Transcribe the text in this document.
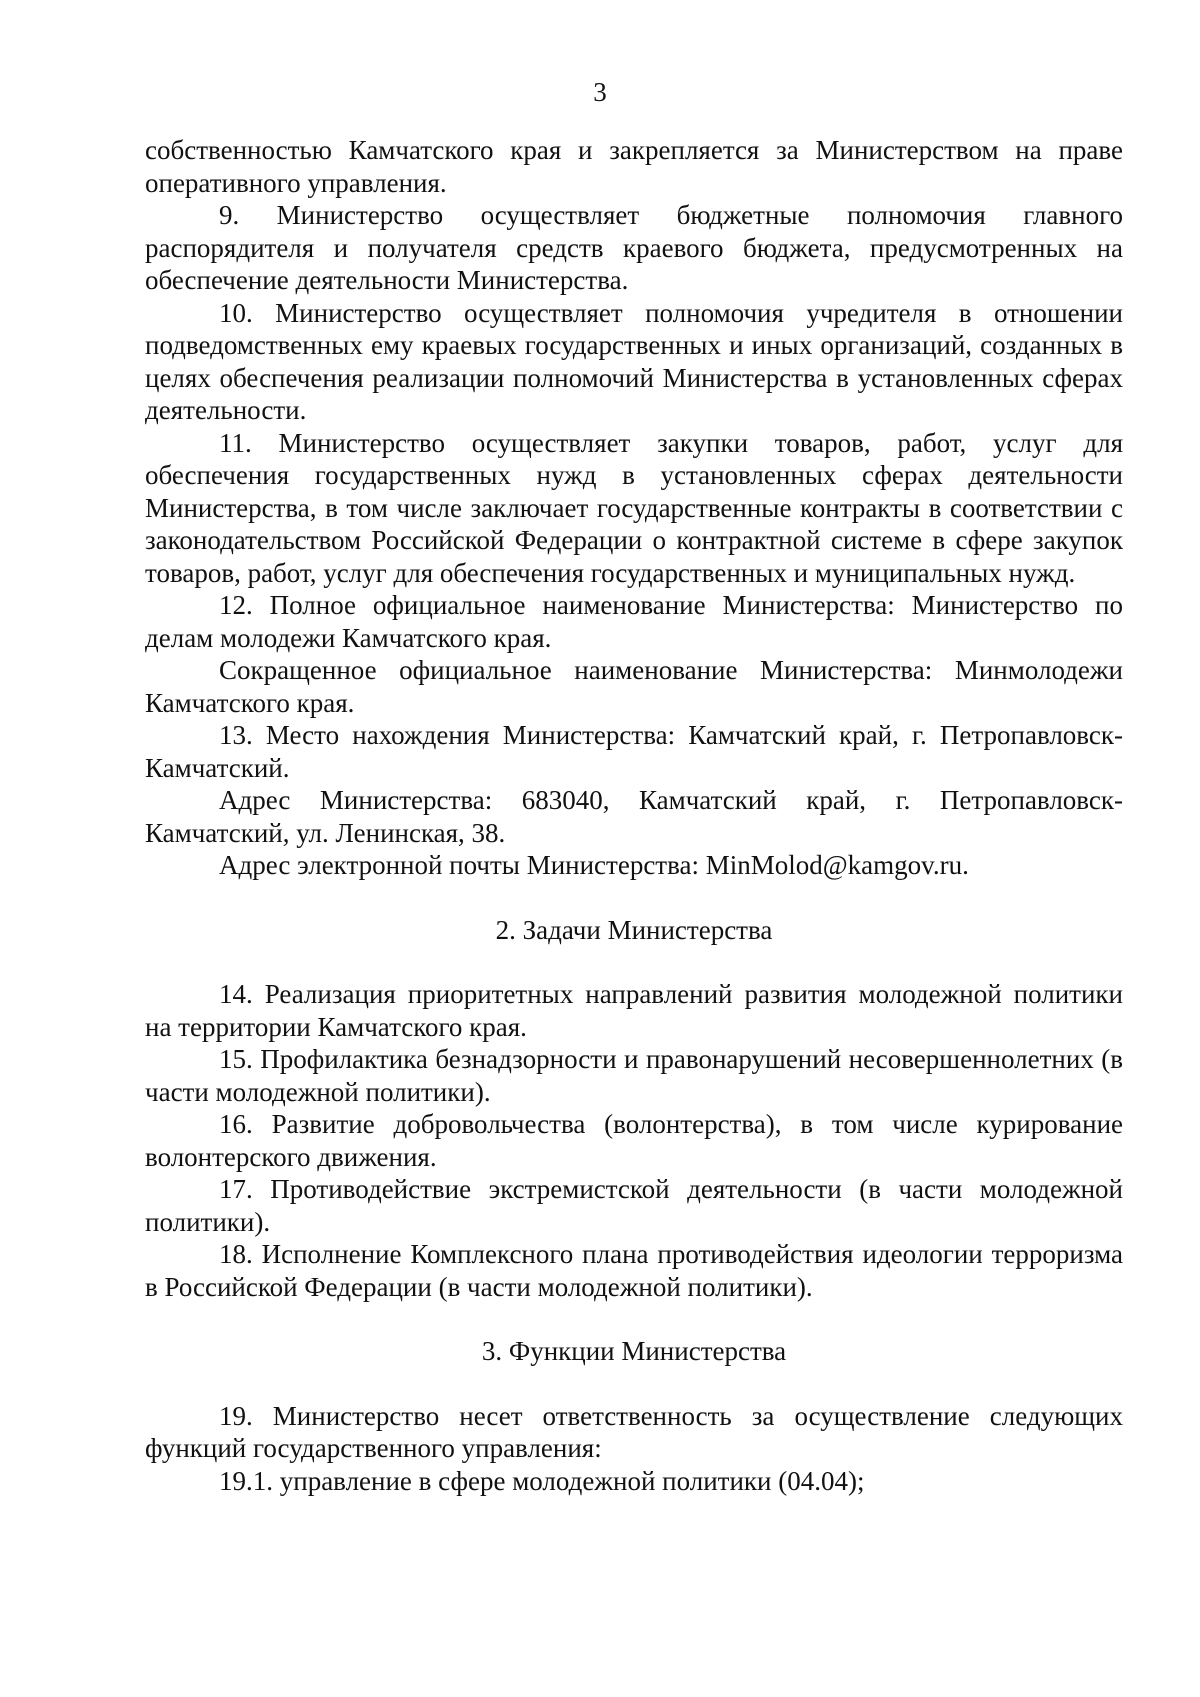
3

собственностью Камчатского края и закрепляется за Министерством на праве оперативного управления.

9. Министерство осуществляет бюджетные полномочия главного распорядителя и получателя средств краевого бюджета, предусмотренных на обеспечение деятельности Министерства.

10. Министерство осуществляет полномочия учредителя в отношении подведомственных ему краевых государственных и иных организаций, созданных в целях обеспечения реализации полномочий Министерства в установленных сферах деятельности.

11. Министерство осуществляет закупки товаров, работ, услуг для обеспечения государственных нужд в установленных сферах деятельности Министерства, в том числе заключает государственные контракты в соответствии с законодательством Российской Федерации о контрактной системе в сфере закупок товаров, работ, услуг для обеспечения государственных и муниципальных нужд.

12. Полное официальное наименование Министерства: Министерство по делам молодежи Камчатского края.

Сокращенное официальное наименование Министерства: Минмолодежи Камчатского края.

13. Место нахождения Министерства: Камчатский край, г. Петропавловск-Камчатский.

Адрес Министерства: 683040, Камчатский край, г. Петропавловск-Камчатский, ул. Ленинская, 38.

Адрес электронной почты Министерства: MinMolod@kamgov.ru.

2. Задачи Министерства

14. Реализация приоритетных направлений развития молодежной политики на территории Камчатского края.

15. Профилактика безнадзорности и правонарушений несовершеннолетних (в части молодежной политики).

16. Развитие добровольчества (волонтерства), в том числе курирование волонтерского движения.

17. Противодействие экстремистской деятельности (в части молодежной политики).

18. Исполнение Комплексного плана противодействия идеологии терроризма в Российской Федерации (в части молодежной политики).

3. Функции Министерства

19. Министерство несет ответственность за осуществление следующих функций государственного управления:

19.1. управление в сфере молодежной политики (04.04);
